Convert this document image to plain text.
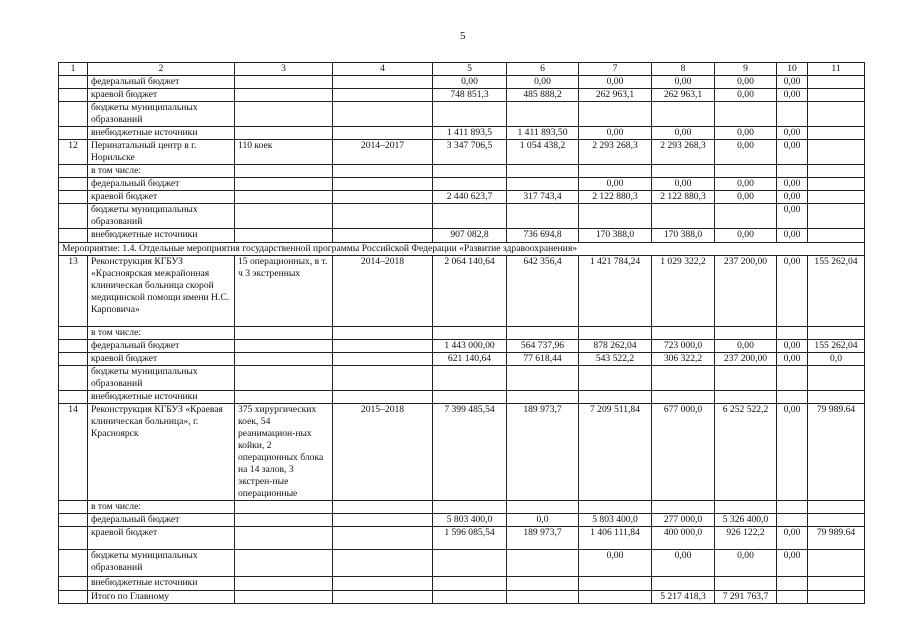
5
1	2	3	4	5	6	7	8	9	10	11
	федеральный бюджет			0,00	0,00	0,00	0,00	0,00	0,00	
	краевой бюджет			748 851,3	485 888,2	262 963,1	262 963,1	0,00	0,00	
	бюджеты муниципальных образований									
	внебюджетные источники			1 411 893,5	1 411 893,50	0,00	0,00	0,00	0,00	
12	Перинатальный центр в г. Норильске	110 коек	2014–2017	3 347 706,5	1 054 438,2	2 293 268,3	2 293 268,3	0,00	0,00	
	в том числе:									
	федеральный бюджет					0,00	0,00	0,00	0,00	
	краевой бюджет			2 440 623,7	317 743,4	2 122 880,3	2 122 880,3	0,00	0,00	
	бюджеты муниципальных образований								0,00	
	внебюджетные источники			907 082,8	736 694,8	170 388,0	170 388,0	0,00	0,00	
Мероприятие: 1.4. Отдельные мероприятия государственной программы Российской Федерации «Развитие здравоохранения»										
13	Реконструкция КГБУЗ «Красноярская межрайонная клиническая больница скорой медицинской помощи имени Н.С. Карповича»	15 операционных, в т. ч 3 экстренных	2014–2018	2 064 140,64	642 356,4	1 421 784,24	1 029 322,2	237 200,00	0,00	155 262,04
	в том числе:									
	федеральный бюджет			1 443 000,00	564 737,96	878 262,04	723 000,0	0,00	0,00	155 262,04
	краевой бюджет			621 140,64	77 618,44	543 522,2	306 322,2	237 200,00	0,00	0,0
	бюджеты муниципальных образований									
	внебюджетные источники									
14	Реконструкция КГБУЗ «Краевая клиническая больница», г. Красноярск	375 хирургических коек, 54 реанимацион-ных койки, 2 операционных блока на 14 залов, 3 экстрен-ные операционные	2015–2018	7 399 485,54	189 973,7	7 209 511,84	677 000,0	6 252 522,2	0,00	79 989.64
	в том числе:									
	федеральный бюджет			5 803 400,0	0,0	5 803 400,0	277 000,0	5 326 400,0		
	краевой бюджет			1 596 085,54	189 973,7	1 406 111,84	400 000,0	926 122,2	0,00	79 989.64
	бюджеты муниципальных образований					0,00	0,00	0,00	0,00	
	внебюджетные источники									
	Итого по Главному						5 217 418,3	7 291 763,7		
